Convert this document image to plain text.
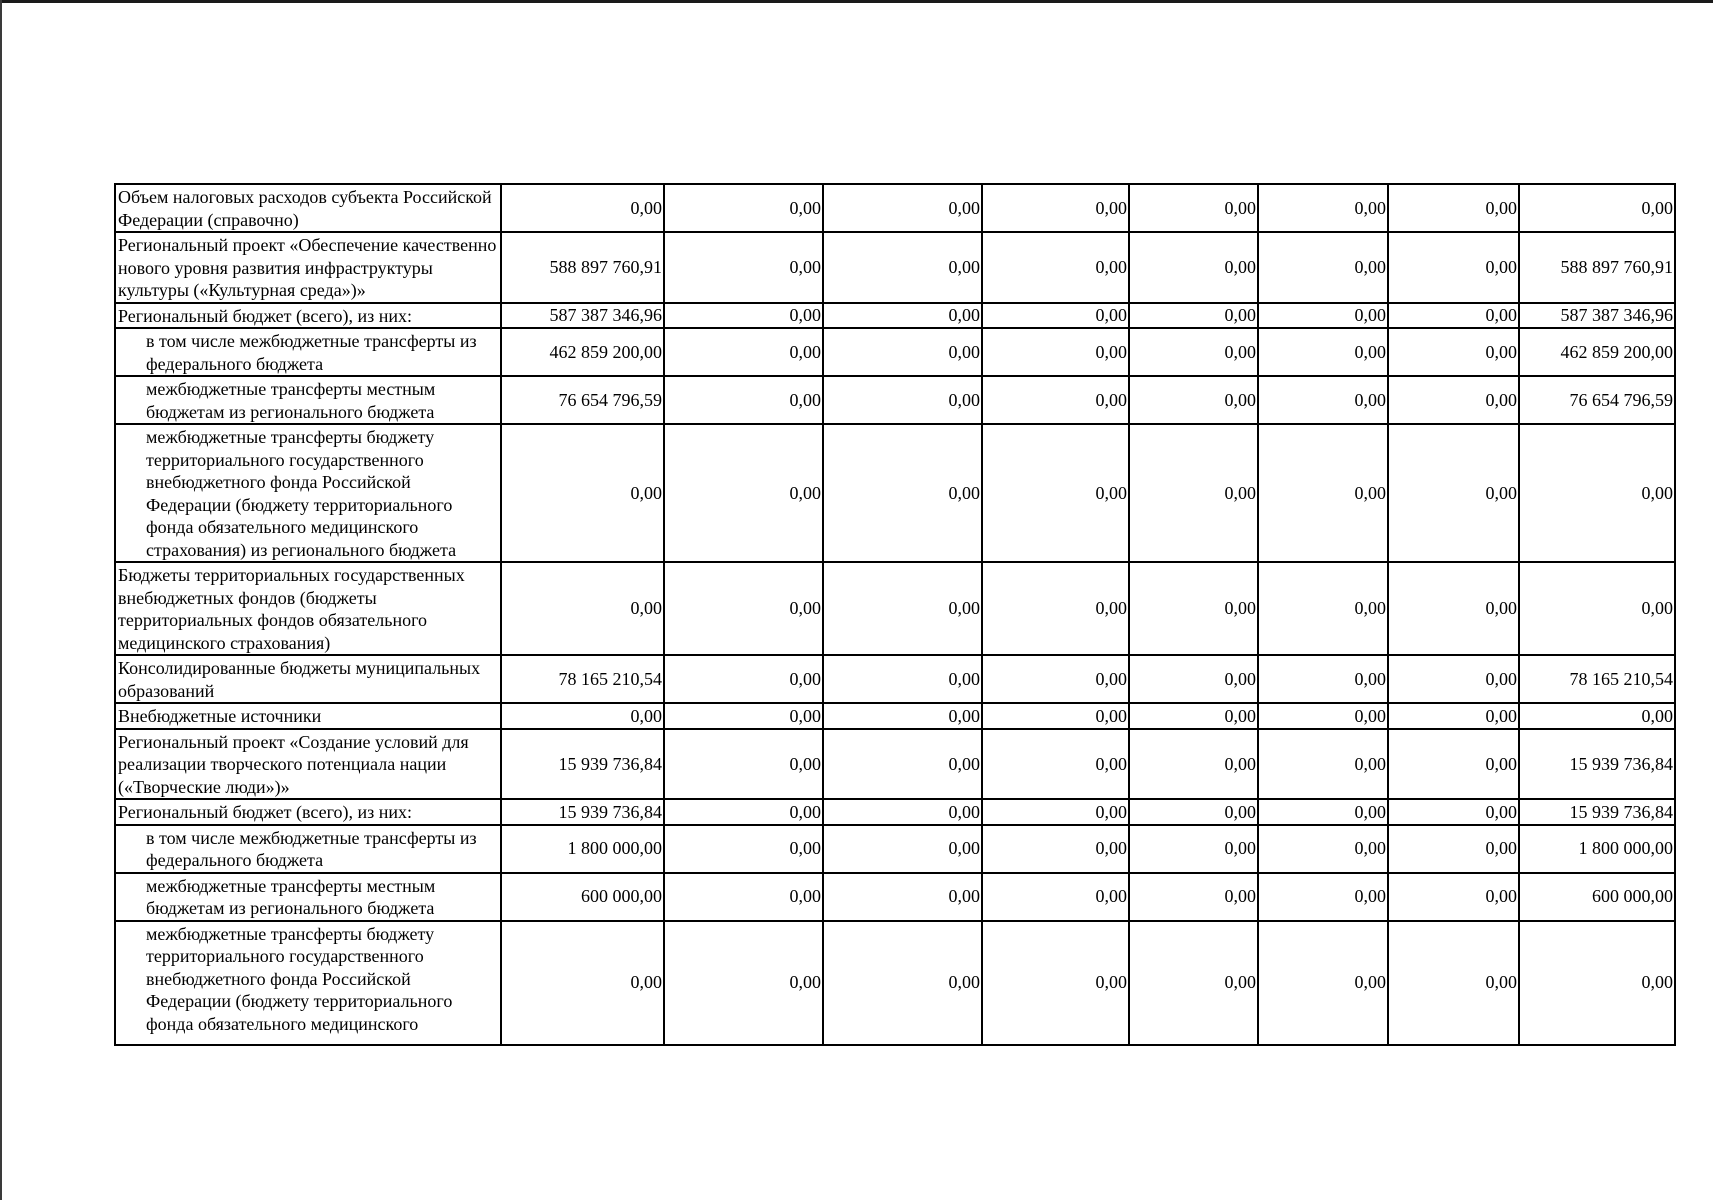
Объем налоговых расходов субъекта Российской Федерации (справочно)	0,00	0,00	0,00	0,00	0,00	0,00	0,00	0,00
Региональный проект «Обеспечение качественно нового уровня развития инфраструктуры культуры («Культурная среда»)»	588 897 760,91	0,00	0,00	0,00	0,00	0,00	0,00	588 897 760,91
Региональный бюджет (всего), из них:	587 387 346,96	0,00	0,00	0,00	0,00	0,00	0,00	587 387 346,96
в том числе межбюджетные трансферты из федерального бюджета	462 859 200,00	0,00	0,00	0,00	0,00	0,00	0,00	462 859 200,00
межбюджетные трансферты местным бюджетам из регионального бюджета	76 654 796,59	0,00	0,00	0,00	0,00	0,00	0,00	76 654 796,59
межбюджетные трансферты бюджету территориального государственного внебюджетного фонда Российской Федерации (бюджету территориального фонда обязательного медицинского страхования) из регионального бюджета	0,00	0,00	0,00	0,00	0,00	0,00	0,00	0,00
Бюджеты территориальных государственных внебюджетных фондов (бюджеты территориальных фондов обязательного медицинского страхования)	0,00	0,00	0,00	0,00	0,00	0,00	0,00	0,00
Консолидированные бюджеты муниципальных образований	78 165 210,54	0,00	0,00	0,00	0,00	0,00	0,00	78 165 210,54
Внебюджетные источники	0,00	0,00	0,00	0,00	0,00	0,00	0,00	0,00
Региональный проект «Создание условий для реализации творческого потенциала нации («Творческие люди»)»	15 939 736,84	0,00	0,00	0,00	0,00	0,00	0,00	15 939 736,84
Региональный бюджет (всего), из них:	15 939 736,84	0,00	0,00	0,00	0,00	0,00	0,00	15 939 736,84
в том числе межбюджетные трансферты из федерального бюджета	1 800 000,00	0,00	0,00	0,00	0,00	0,00	0,00	1 800 000,00
межбюджетные трансферты местным бюджетам из регионального бюджета	600 000,00	0,00	0,00	0,00	0,00	0,00	0,00	600 000,00
межбюджетные трансферты бюджету территориального государственного внебюджетного фонда Российской Федерации (бюджету территориального фонда обязательного медицинского	0,00	0,00	0,00	0,00	0,00	0,00	0,00	0,00
